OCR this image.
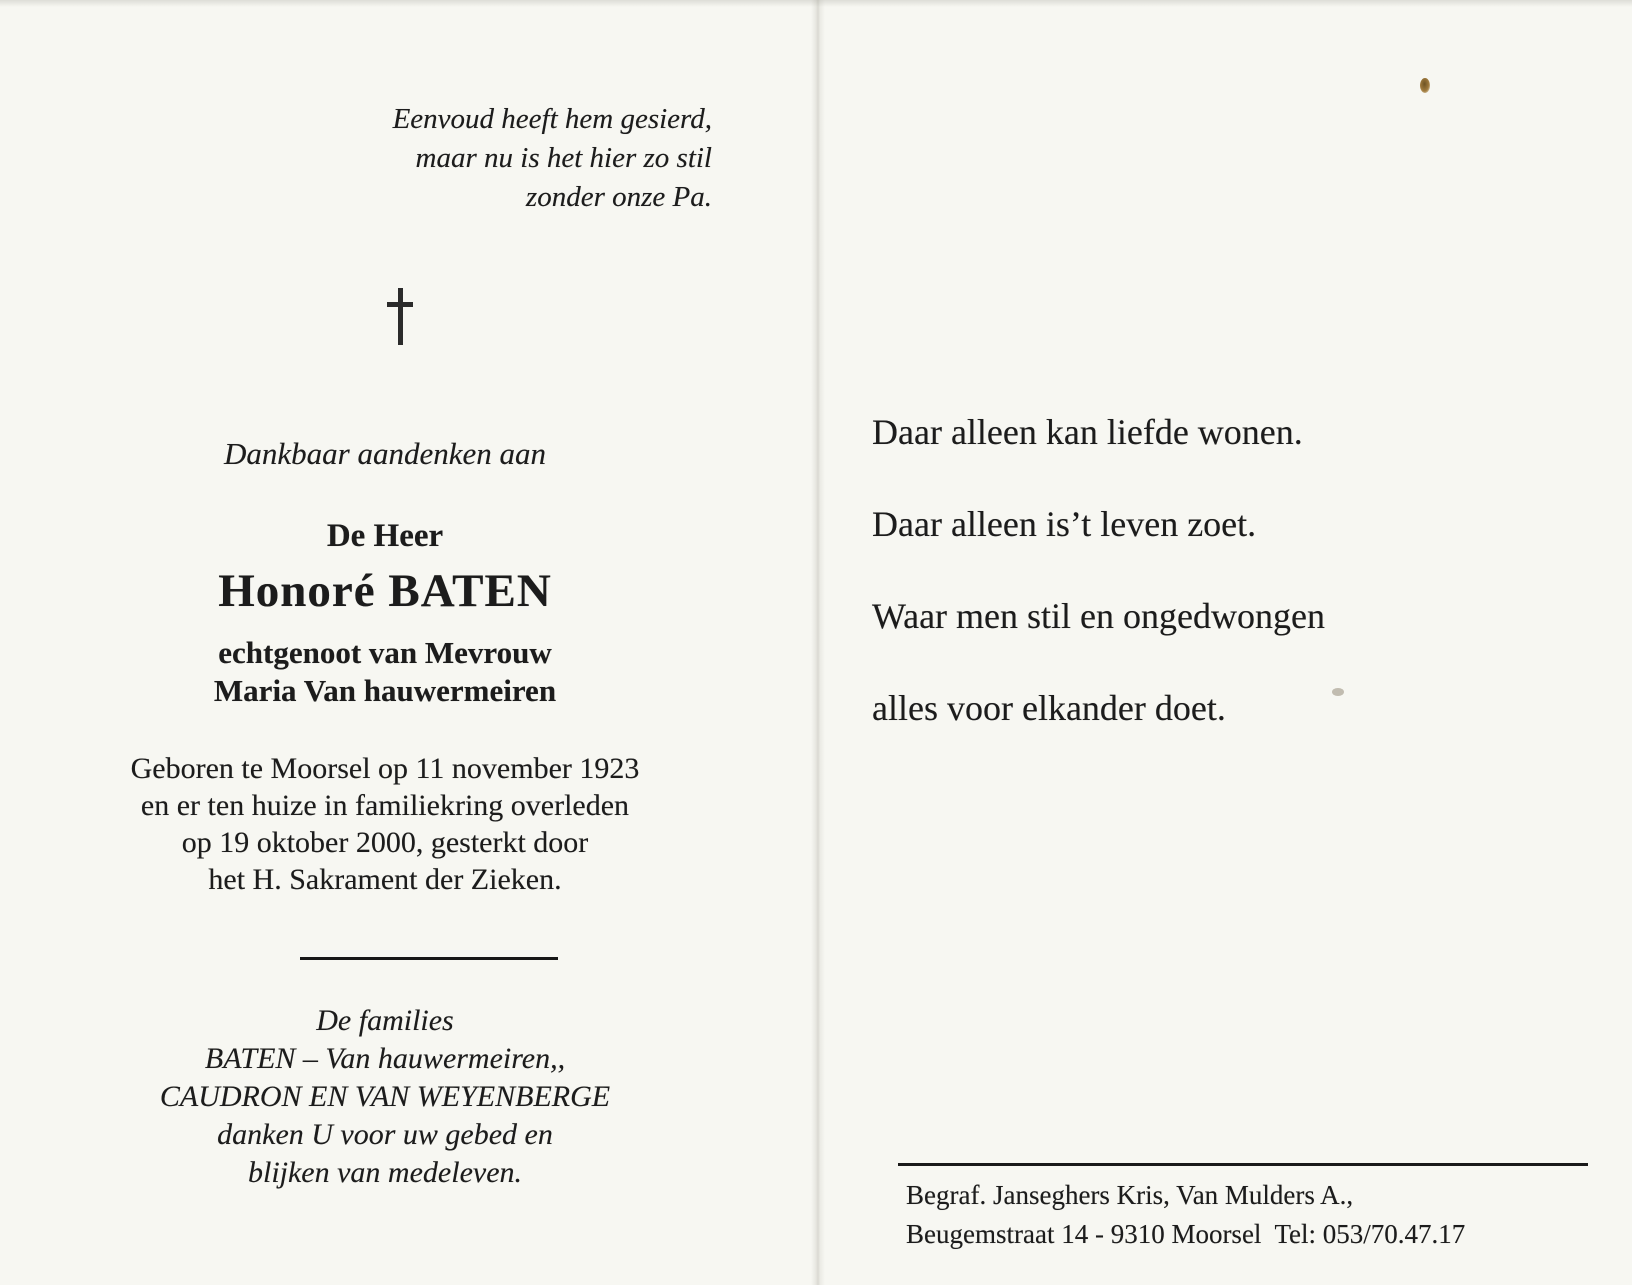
Eenvoud heeft hem gesierd,
maar nu is het hier zo stil
zonder onze Pa.
Dankbaar aandenken aan
De Heer
Honoré BATEN
echtgenoot van Mevrouw
Maria Van hauwermeiren
Geboren te Moorsel op 11 november 1923
en er ten huize in familiekring overleden
op 19 oktober 2000, gesterkt door
het H. Sakrament der Zieken.
De families
BATEN – Van hauwermeiren,,
CAUDRON EN VAN WEYENBERGE
danken U voor uw gebed en
blijken van medeleven.
Daar alleen kan liefde wonen.
Daar alleen is’t leven zoet.
Waar men stil en ongedwongen
alles voor elkander doet.
Begraf. Janseghers Kris, Van Mulders A.,
Beugemstraat 14 - 9310 Moorsel  Tel: 053/70.47.17
